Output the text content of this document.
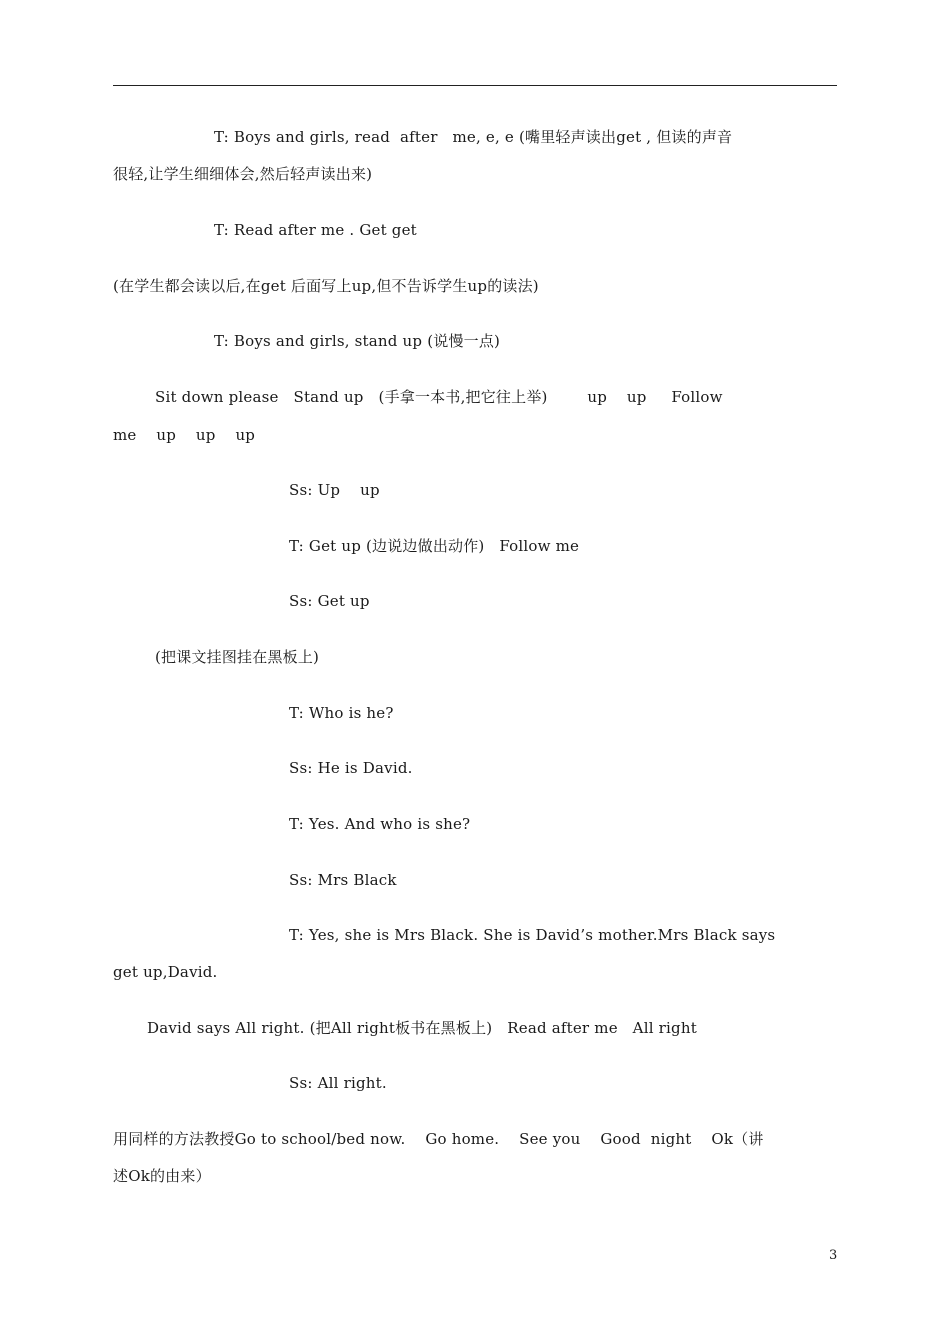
T: Boys and girls, read  after   me, e, e (嘴里轻声读出get , 但读的声音
很轻,让学生细细体会,然后轻声读出来)
T: Read after me . Get get
(在学生都会读以后,在get 后面写上up,但不告诉学生up的读法)
T: Boys and girls, stand up (说慢一点)
Sit down please   Stand up   (手拿一本书,把它往上举)        up    up     Follow
me    up    up    up
Ss: Up    up
T: Get up (边说边做出动作)   Follow me
Ss: Get up
(把课文挂图挂在黑板上)
T: Who is he?
Ss: He is David.
T: Yes. And who is she?
Ss: Mrs Black
T: Yes, she is Mrs Black. She is David’s mother.Mrs Black says
get up,David.
David says All right. (把All right板书在黑板上)   Read after me   All right
Ss: All right.
用同样的方法教授Go to school/bed now.    Go home.    See you    Good  night    Ok（讲
述Ok的由来）
3
